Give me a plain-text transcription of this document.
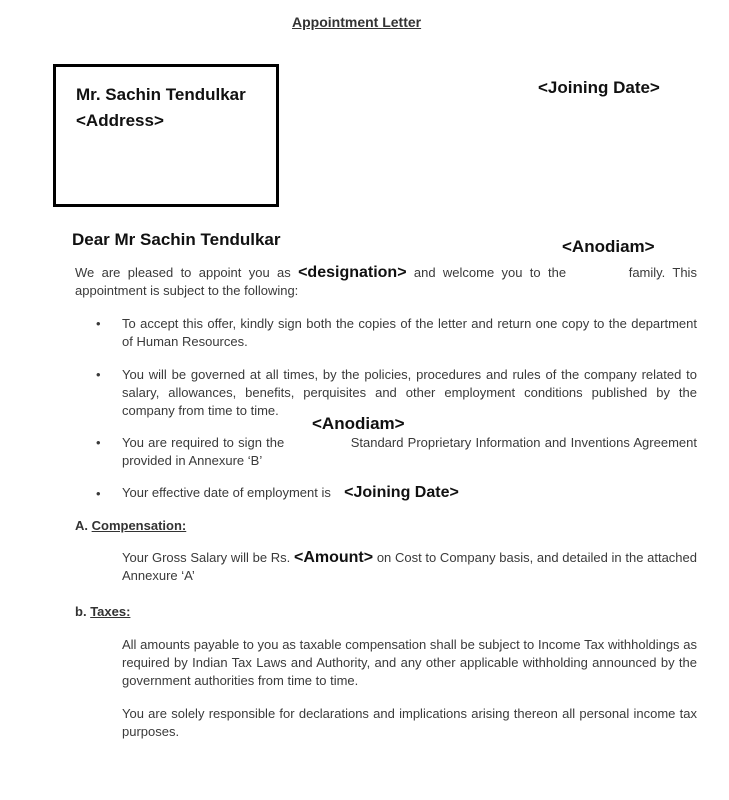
Appointment Letter
Mr. Sachin Tendulkar
<Address>
<Joining Date>
Dear Mr Sachin Tendulkar	<Anodiam>
We are pleased to appoint you as <designation> and welcome you to the	family. This appointment is subject to the following:
• To accept this offer, kindly sign both the copies of the letter and return one copy to the department of Human Resources.
• You will be governed at all times, by the policies, procedures and rules of the company related to salary, allowances, benefits, perquisites and other employment conditions published by the company from time to time.
<Anodiam>
• You are required to sign the	Standard Proprietary Information and Inventions Agreement provided in Annexure ‘B’
• Your effective date of employment is <Joining Date>
A. Compensation:
Your Gross Salary will be Rs. <Amount> on Cost to Company basis, and detailed in the attached Annexure ‘A’
b. Taxes:
All amounts payable to you as taxable compensation shall be subject to Income Tax withholdings as required by Indian Tax Laws and Authority, and any other applicable withholding announced by the government authorities from time to time.
You are solely responsible for declarations and implications arising thereon all personal income tax purposes.
